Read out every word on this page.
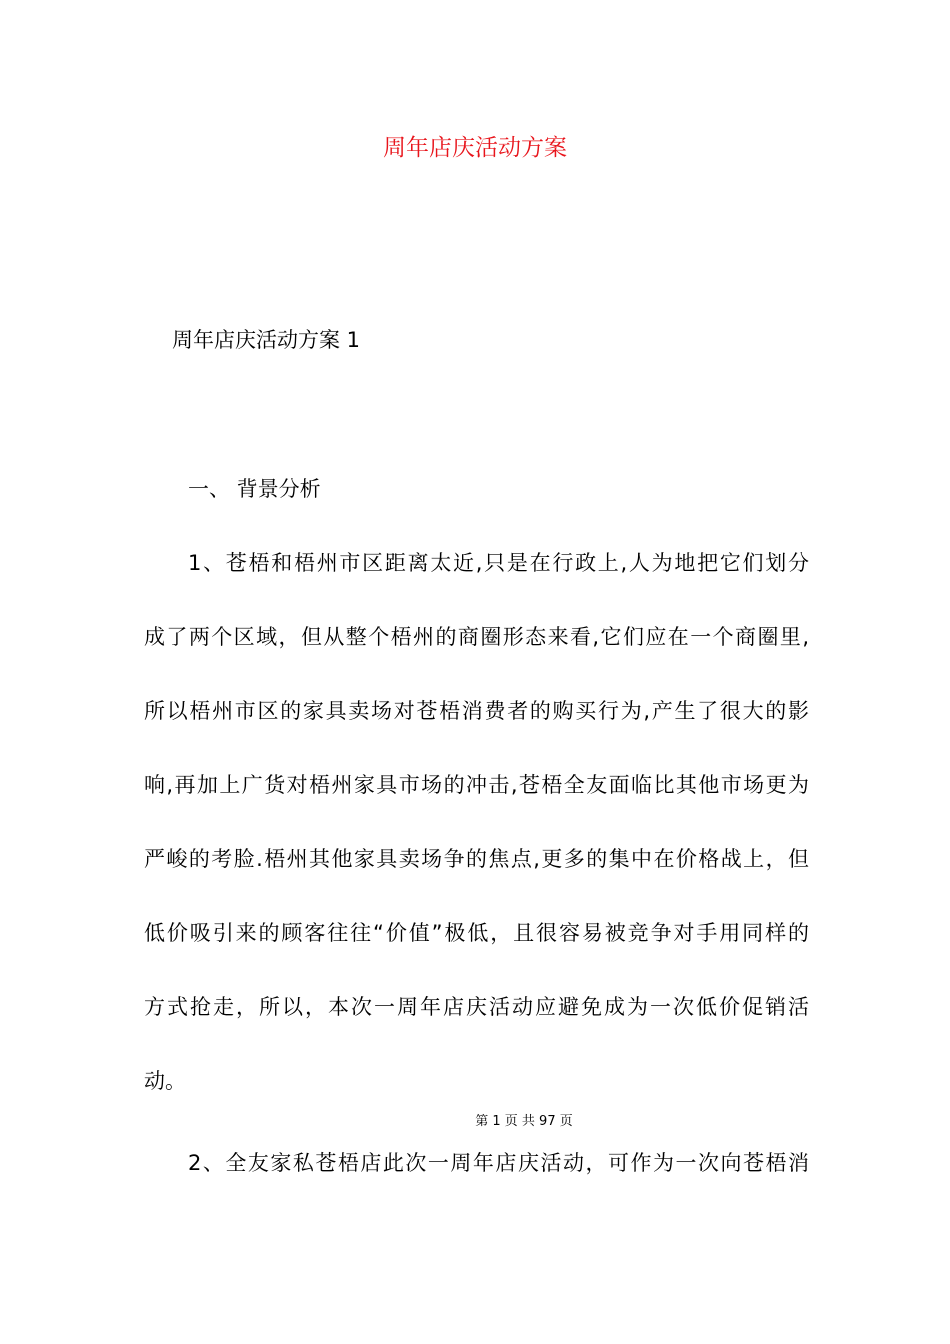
周年店庆活动方案
周年店庆活动方案 1
一、 背景分析
1、苍梧和梧州市区距离太近,只是在行政上,人为地把它们划分
成了两个区域，但从整个梧州的商圈形态来看,它们应在一个商圈里,
所以梧州市区的家具卖场对苍梧消费者的购买行为,产生了很大的影
响,再加上广货对梧州家具市场的冲击,苍梧全友面临比其他市场更为
严峻的考脸.梧州其他家具卖场争的焦点,更多的集中在价格战上，但
低价吸引来的顾客往往“价值”极低，且很容易被竞争对手用同样的
方式抢走，所以，本次一周年店庆活动应避免成为一次低价促销活
动。
第 1 页 共 97 页
2、全友家私苍梧店此次一周年店庆活动，可作为一次向苍梧消
